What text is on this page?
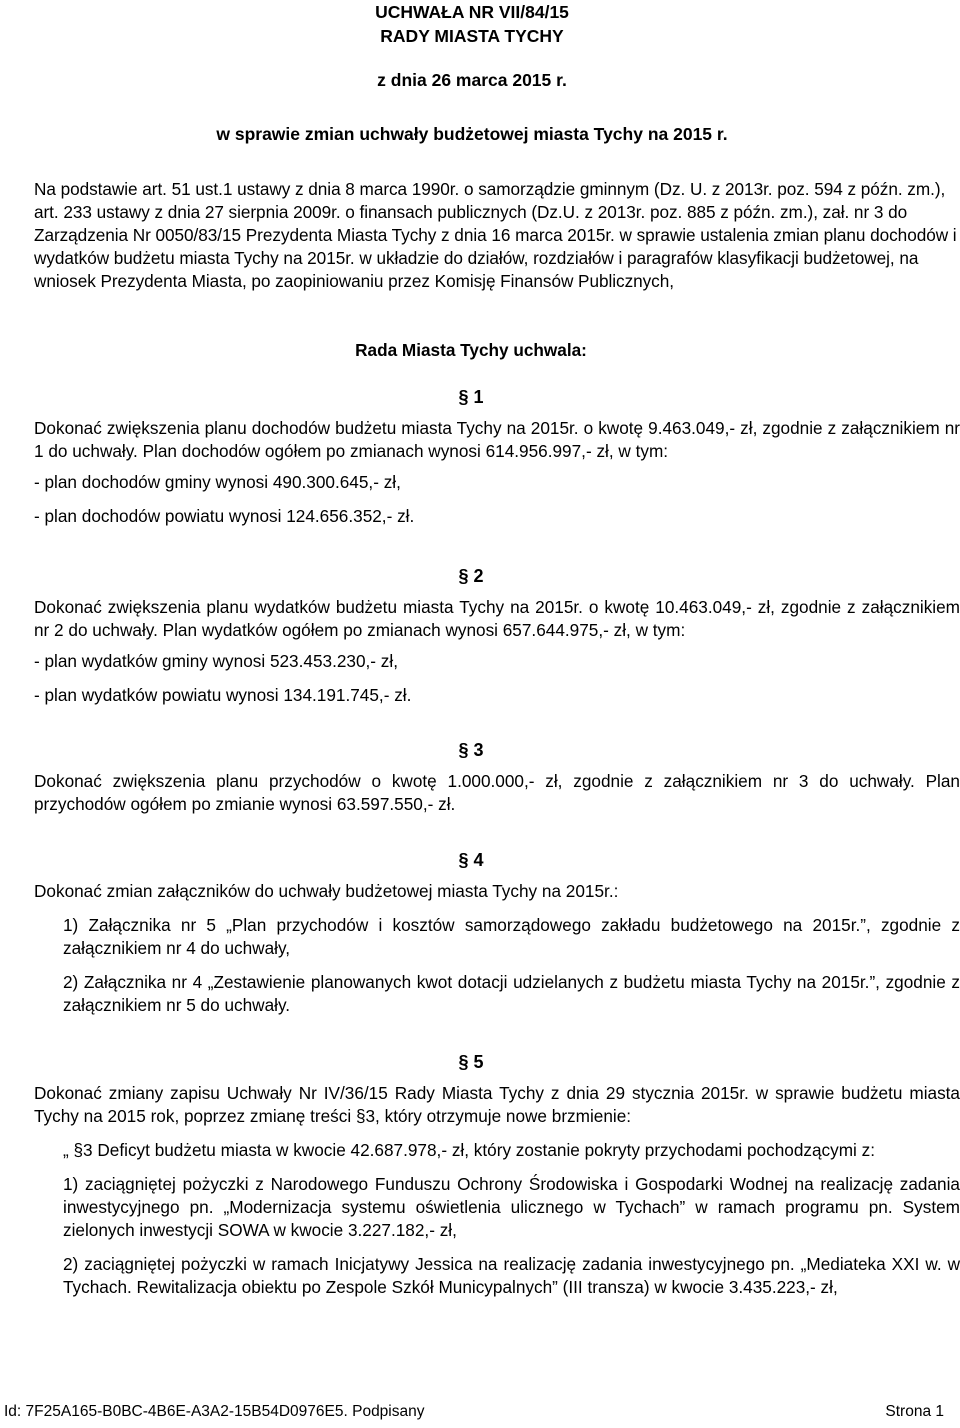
UCHWAŁA NR VII/84/15
RADY MIASTA TYCHY
z dnia 26 marca 2015 r.
w sprawie zmian uchwały budżetowej miasta Tychy na 2015 r.

Na podstawie art. 51 ust.1 ustawy z dnia 8 marca 1990r. o samorządzie gminnym (Dz. U. z 2013r. poz. 594 z późn. zm.), art. 233 ustawy z dnia 27 sierpnia 2009r. o finansach publicznych (Dz.U. z 2013r. poz. 885 z późn. zm.), zał. nr 3 do Zarządzenia Nr 0050/83/15 Prezydenta Miasta Tychy z dnia 16 marca 2015r. w sprawie ustalenia zmian planu dochodów i wydatków budżetu miasta Tychy na 2015r. w układzie do działów, rozdziałów i paragrafów klasyfikacji budżetowej, na wniosek Prezydenta Miasta, po zaopiniowaniu przez Komisję Finansów Publicznych,

Rada Miasta Tychy uchwala:
§ 1

Dokonać zwiększenia planu dochodów budżetu miasta Tychy na 2015r. o kwotę 9.463.049,- zł, zgodnie z załącznikiem nr 1 do uchwały. Plan dochodów ogółem po zmianach wynosi 614.956.997,- zł, w tym:

- plan dochodów gminy wynosi 490.300.645,- zł,

- plan dochodów powiatu wynosi 124.656.352,- zł.

§ 2

Dokonać zwiększenia planu wydatków budżetu miasta Tychy na 2015r. o kwotę 10.463.049,- zł, zgodnie z załącznikiem nr 2 do uchwały. Plan wydatków ogółem po zmianach wynosi 657.644.975,- zł, w tym:

- plan wydatków gminy wynosi 523.453.230,- zł,

- plan wydatków powiatu wynosi 134.191.745,- zł.

§ 3

Dokonać zwiększenia planu przychodów o kwotę 1.000.000,- zł, zgodnie z załącznikiem nr 3 do uchwały. Plan przychodów ogółem po zmianie wynosi 63.597.550,- zł.

§ 4

Dokonać zmian załączników do uchwały budżetowej miasta Tychy na 2015r.:

1) Załącznika nr 5 „Plan przychodów i kosztów samorządowego zakładu budżetowego na 2015r.”, zgodnie z załącznikiem nr 4 do uchwały,

2) Załącznika nr 4 „Zestawienie planowanych kwot dotacji udzielanych z budżetu miasta Tychy na 2015r.”, zgodnie z załącznikiem nr 5 do uchwały.

§ 5

Dokonać zmiany zapisu Uchwały Nr IV/36/15 Rady Miasta Tychy z dnia 29 stycznia 2015r. w sprawie budżetu miasta Tychy na 2015 rok, poprzez zmianę treści §3, który otrzymuje nowe brzmienie:

„ §3 Deficyt budżetu miasta w kwocie 42.687.978,- zł, który zostanie pokryty przychodami pochodzącymi z:

1) zaciągniętej pożyczki z Narodowego Funduszu Ochrony Środowiska i Gospodarki Wodnej na realizację zadania inwestycyjnego pn. „Modernizacja systemu oświetlenia ulicznego w Tychach” w ramach programu pn. System zielonych inwestycji SOWA w kwocie 3.227.182,- zł,

2) zaciągniętej pożyczki w ramach Inicjatywy Jessica na realizację zadania inwestycyjnego pn. „Mediateka XXI w. w Tychach. Rewitalizacja obiektu po Zespole Szkół Municypalnych” (III transza) w kwocie 3.435.223,- zł,

Id: 7F25A165-B0BC-4B6E-A3A2-15B54D0976E5. Podpisany	Strona 1
